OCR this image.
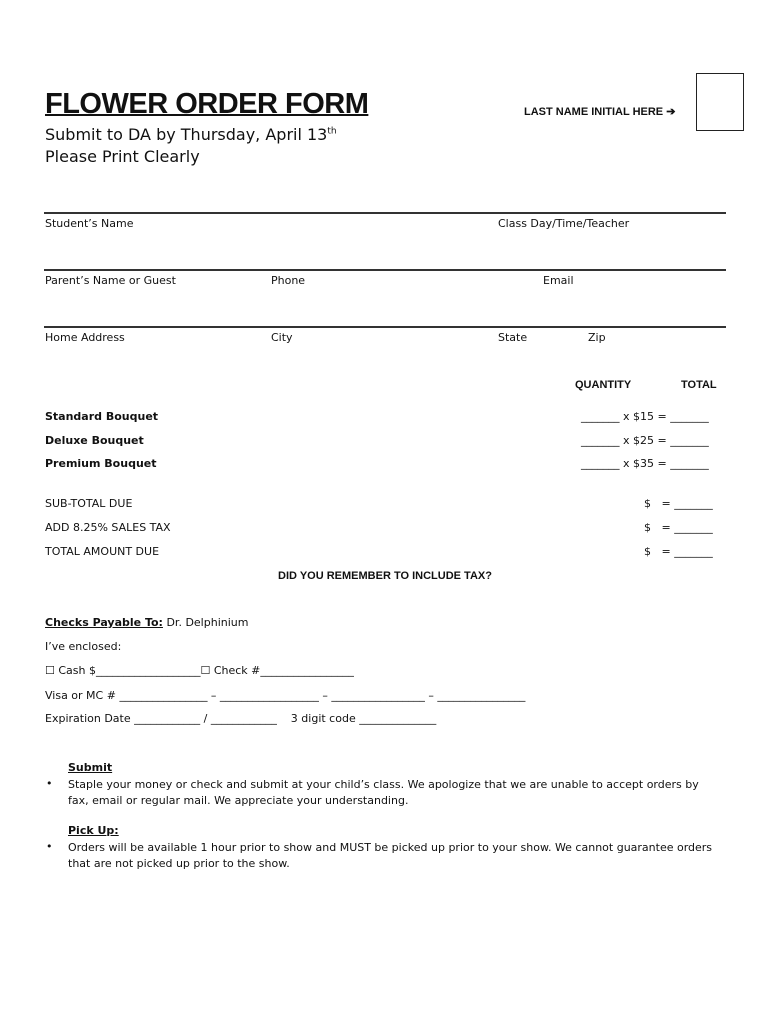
FLOWER ORDER FORM
Submit to DA by Thursday, April 13th
Please Print Clearly
LAST NAME INITIAL HERE ➔
Student’s Name	Class Day/Time/Teacher
Parent’s Name or Guest	Phone	Email
Home Address	City	State	Zip
QUANTITY	TOTAL
Standard Bouquet	_______ x $15 = _______
Deluxe Bouquet	_______ x $25 = _______
Premium Bouquet	_______ x $35 = _______
SUB-TOTAL DUE	$   = _______
ADD 8.25% SALES TAX	$   = _______
TOTAL AMOUNT DUE	$   = _______
DID YOU REMEMBER TO INCLUDE TAX?
Checks Payable To: Dr. Delphinium
I’ve enclosed:
☐ Cash $___________________☐ Check #_________________
Visa or MC # ________________ – __________________ – _________________ – ________________
Expiration Date ____________ / ____________    3 digit code ______________
Submit
• Staple your money or check and submit at your child’s class. We apologize that we are unable to accept orders by fax, email or regular mail. We appreciate your understanding.
Pick Up:
• Orders will be available 1 hour prior to show and MUST be picked up prior to your show. We cannot guarantee orders that are not picked up prior to the show.
